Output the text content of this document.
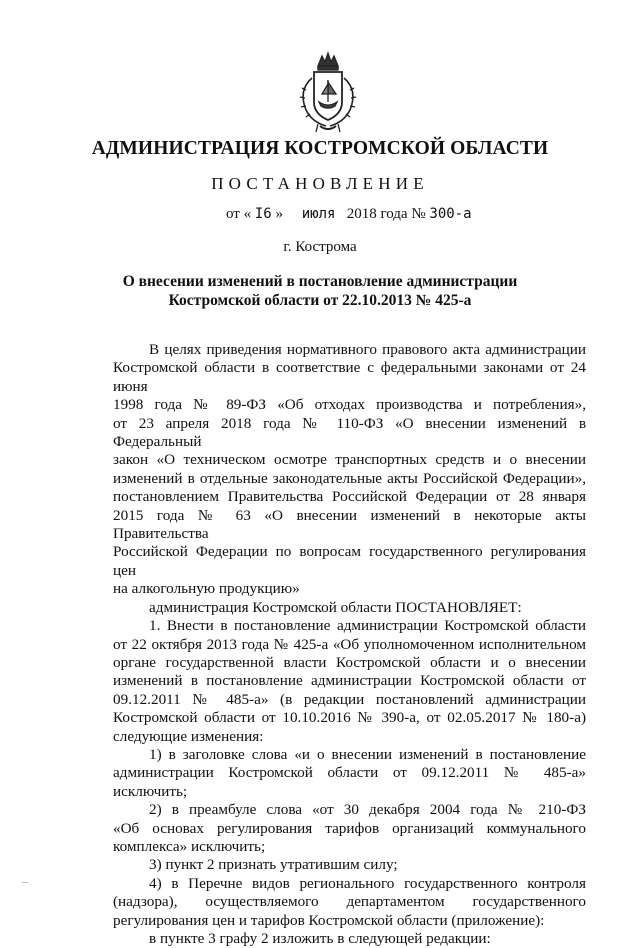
АДМИНИСТРАЦИЯ КОСТРОМСКОЙ ОБЛАСТИ
ПОСТАНОВЛЕНИЕ
от « I6 » июля 2018 года № 300-а
г. Кострома
О внесении изменений в постановление администрации
Костромской области от 22.10.2013 № 425-а
В целях приведения нормативного правового акта администрации
Костромской области в соответствие с федеральными законами от 24 июня
1998 года № 89-ФЗ «Об отходах производства и потребления»,
от 23 апреля 2018 года № 110-ФЗ «О внесении изменений в Федеральный
закон «О техническом осмотре транспортных средств и о внесении
изменений в отдельные законодательные акты Российской Федерации»,
постановлением Правительства Российской Федерации от 28 января
2015 года № 63 «О внесении изменений в некоторые акты Правительства
Российской Федерации по вопросам государственного регулирования цен
на алкогольную продукцию»
администрация Костромской области ПОСТАНОВЛЯЕТ:
1. Внести в постановление администрации Костромской области
от 22 октября 2013 года № 425-а «Об уполномоченном исполнительном
органе государственной власти Костромской области и о внесении
изменений в постановление администрации Костромской области от
09.12.2011 № 485-а» (в редакции постановлений администрации
Костромской области от 10.10.2016 № 390-а, от 02.05.2017 № 180-а)
следующие изменения:
1) в заголовке слова «и о внесении изменений в постановление
администрации Костромской области от 09.12.2011 № 485-а» исключить;
2) в преамбуле слова «от 30 декабря 2004 года № 210-ФЗ
«Об основах регулирования тарифов организаций коммунального
комплекса» исключить;
3) пункт 2 признать утратившим силу;
4) в Перечне видов регионального государственного контроля
(надзора), осуществляемого департаментом государственного
регулирования цен и тарифов Костромской области (приложение):
в пункте 3 графу 2 изложить в следующей редакции:
